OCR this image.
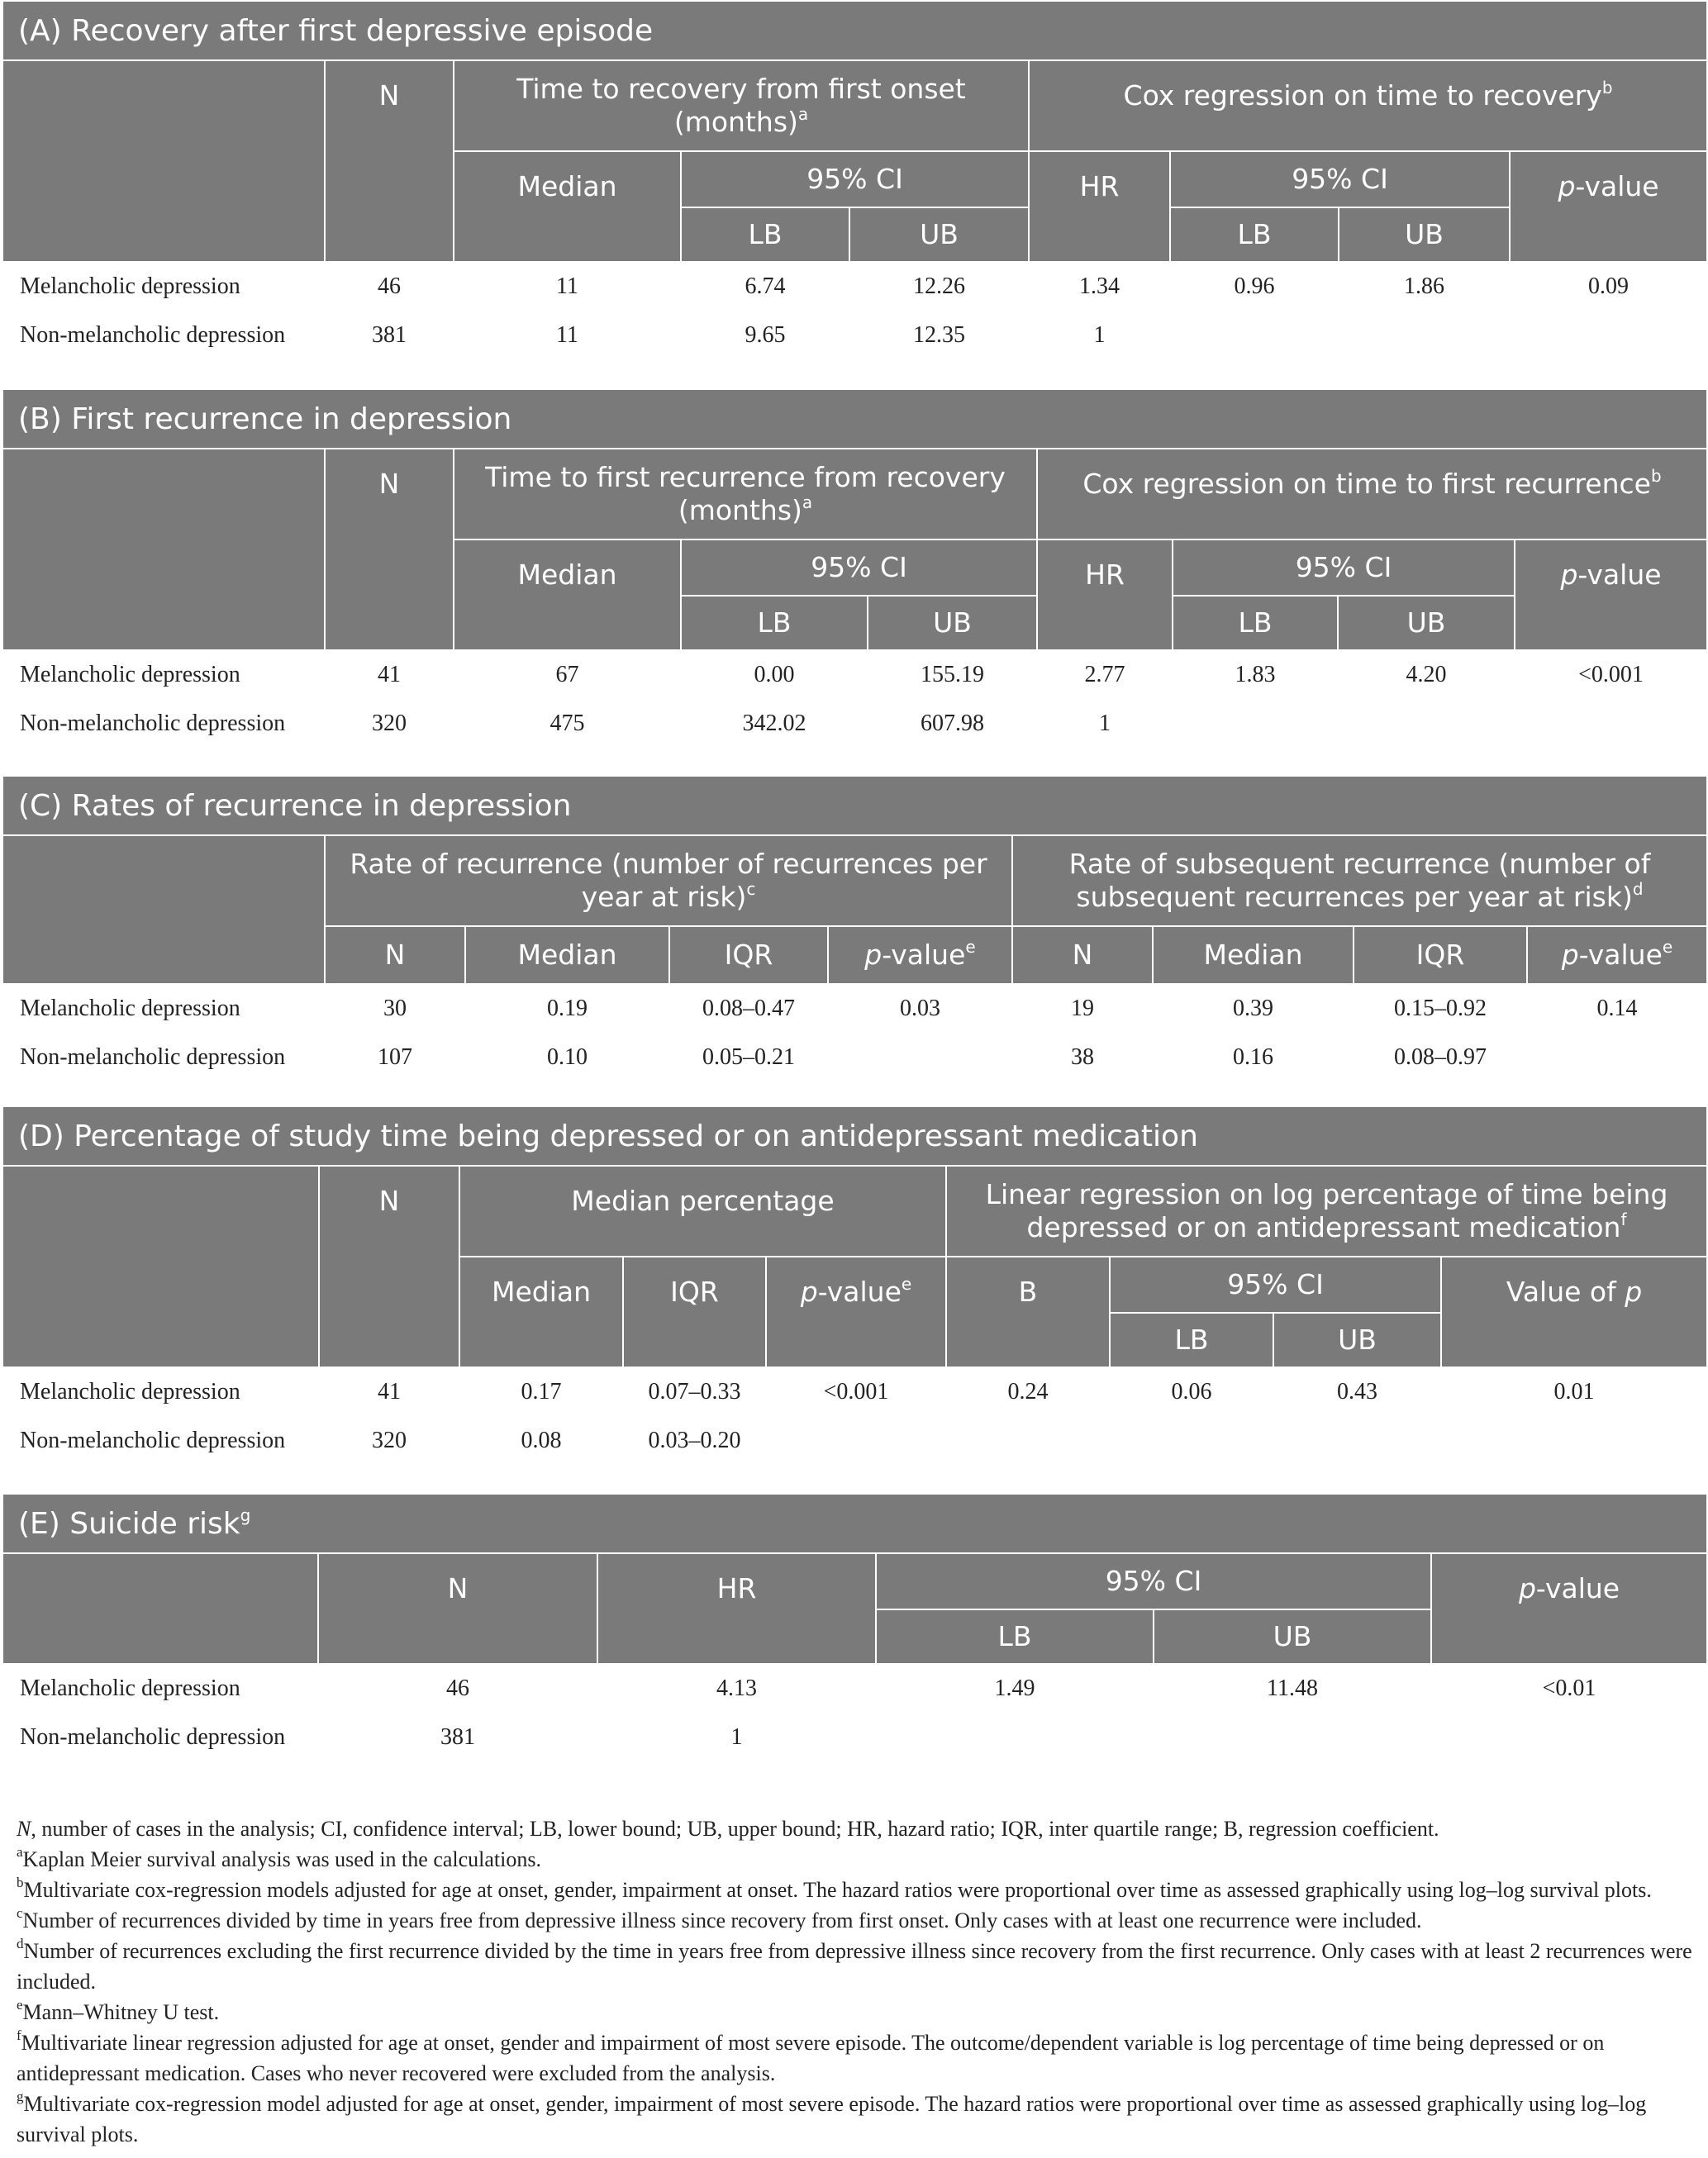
(A) Recovery after first depressive episode								
	N	Time to recovery from first onset (months)$^a$			Cox regression on time to recovery$^b$
		Median	95% CI		HR	95% CI		p-value
			LB	UB		LB	UB	
Melancholic depression	46	11	6.74	12.26	1.34	0.96	1.86	0.09
Non-melancholic depression	381	11	9.65	12.35	1			
(B) First recurrence in depression								
	N	Time to first recurrence from recovery (months)$^a$			Cox regression on time to first recurrence$^b$
		Median	95% CI		HR	95% CI		p-value
			LB	UB		LB	UB	
Melancholic depression	41	67	0.00	155.19	2.77	1.83	4.20	<0.001
Non-melancholic depression	320	475	342.02	607.98	1			
(C) Rates of recurrence in depression								
	Rate of recurrence (number of recurrences per year at risk)$^c$				Rate of subsequent recurrence (number of subsequent recurrences per year at risk)$^d$
	N	Median	IQR	p-value$^e$	N	Median	IQR	p-value$^e$
Melancholic depression	30	0.19	0.08–0.47	0.03	19	0.39	0.15–0.92	0.14
Non-melancholic depression	107	0.10	0.05–0.21		38	0.16	0.08–0.97	
(D) Percentage of study time being depressed or on antidepressant medication								
	N	Median percentage			Linear regression on log percentage of time being depressed or on antidepressant medication$^f$
		Median	IQR	p-value$^e$	B	95% CI		Value of p
						LB	UB	
Melancholic depression	41	0.17	0.07–0.33	<0.001	0.24	0.06	0.43	0.01
Non-melancholic depression	320	0.08	0.03–0.20					
(E) Suicide risk$^g$
	N	HR	95% CI		p-value
			LB	UB	
Melancholic depression	46	4.13	1.49	11.48	<0.01
Non-melancholic depression	381	1			

N, number of cases in the analysis; CI, confidence interval; LB, lower bound; UB, upper bound; HR, hazard ratio; IQR, inter quartile range; B, regression coefficient.

$^a$Kaplan Meier survival analysis was used in the calculations.

$^b$Multivariate cox-regression models adjusted for age at onset, gender, impairment at onset. The hazard ratios were proportional over time as assessed graphically using log–log survival plots.

$^c$Number of recurrences divided by time in years free from depressive illness since recovery from first onset. Only cases with at least one recurrence were included.

$^d$Number of recurrences excluding the first recurrence divided by the time in years free from depressive illness since recovery from the first recurrence. Only cases with at least 2 recurrences were included.

$^e$Mann–Whitney U test.

$^f$Multivariate linear regression adjusted for age at onset, gender and impairment of most severe episode. The outcome/dependent variable is log percentage of time being depressed or on antidepressant medication. Cases who never recovered were excluded from the analysis.

$^g$Multivariate cox-regression model adjusted for age at onset, gender, impairment of most severe episode. The hazard ratios were proportional over time as assessed graphically using log–log survival plots.
